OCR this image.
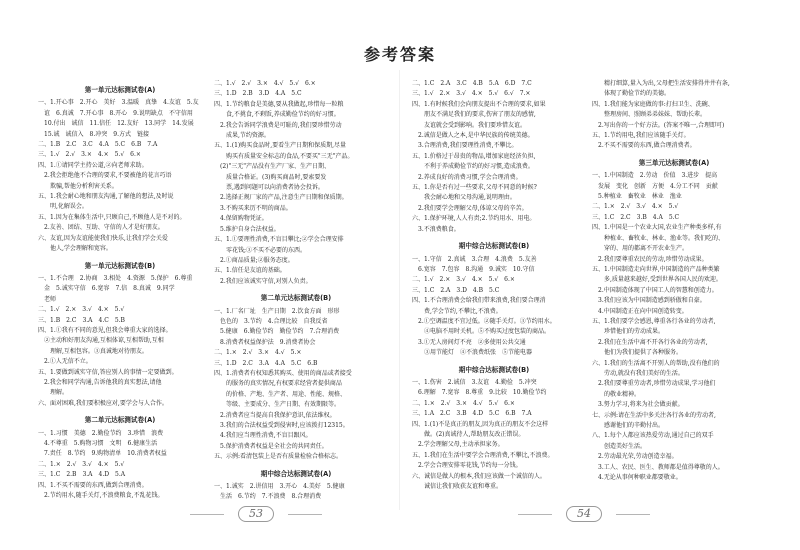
参考答案
第一单元达标测试卷(A)
一、1.开心事　2.开心　美好　3.温暖　真挚　4.友谊　5.友
　谊　6.真诚　7.开心事　8.开心　9.说明缺点　不守信用
　10.付出　诚信　11.信任　12.友好　13.同学　14.发展
　15.诚　诚信入　8.冲突　9.方式　链接
二、1.B　2.C　3.C　4.A　5.C　6.B　7.A
三、1.√　2.√　3.×　4.×　5.√　6.×
四、1.①请同学主持公道,②向老师求助。
　2.我会拒绝他不合理的要求,不要被他的花言巧语
　　欺骗,帮他分析利害关系。
五、1.我会耐心地和朋友沟通,了解他的想法,及时说
　　明,化解误会。
五、1.因为在集体生活中,只顾自己,不顾他人是不对的。
　2.友善、团结、互助、守信的人才是好朋友。
六、友谊,因为友谊能使我们快乐,让我们学会关爱
　　他人,学会理解和宽容。
第一单元达标测试卷(B)
一、1.不合理　2.协商　3.相处　4.资源　5.保护　6.尊重
　金　5.诚实守信　6.宽容　7.信　8.真诚　9.同学
　老师
二、1.√　2.×　3.√　4.×　5.√
三、1.B　2.C　3.A　4.C　5.B
四、1.①我有不同的意见,但我会尊重大家的选择。
　②主动和好朋友沟通,互相体谅,互相帮助,互相
　　理解,互相包容。③真诚地对待朋友。
　2.①人无信不立。
五、1.要做到诚实守信,答应别人的事情一定要做到。
　2.我会和同学沟通,告诉他我的真实想法,请他
　　理解。
六、面对困难,我们要积极应对,要学会与人合作。
第二单元达标测试卷(A)
一、1.习惯　美德　2.勤俭节约　3.珍惜　浪费
　4.不尊重　5.购物习惯　文明　6.健康生活
　7.责任　8.节约　9.购物清单　10.消费者权益
二、1.×　2.√　3.√　4.×　5.√
三、1.C　2.B　3.A　4.D　5.A
四、1.不买不需要的东西,做到合理消费。
　2.节约用水,随手关灯,不浪费粮食,不乱花钱。
二、1.√　2.√　3.×　4.√　5.√　6.×
三、1.D　2.B　3.D　4.A　5.C
四、1.节约粮食是美德,要从我做起,珍惜每一粒粮
　　食,不挑食,不剩饭,养成勤俭节约的好习惯。
　2.我会告诉同学浪费是可耻的,我们要珍惜劳动
　　成果,节约资源。
五、1.(1)购买食品时,要看生产日期和保质期,尽量
　　购买有质量安全标志的食品,不要买"三无"产品。
　(2)"三无"产品没有生产厂家、生产日期、
　　质量合格证。(3)购买商品时,要索要发
　　票,遇到问题可以向消费者协会投诉。
　2.选择正规厂家的产品,注意生产日期和保质期。
　3.不购买来历不明的商品。
　4.保留购物凭证。
　5.维护自身合法权益。
五、1.①要理性消费,不盲目攀比;②学会合理安排
　　零花钱;③不买不必要的东西。
　2.①商品质量;②服务态度。
五、1.信任是友谊的基础。
　2.我们应该诚实守信,对别人负责。
第二单元达标测试卷(B)
一、1.厂名厂址　生产日期　2.饮食方面　形形
　色色的　3.节约　4.合理比较　自我反省
　5.健康　6.勤俭节约　勤俭节约　7.合理消费
　8.消费者权益保护法　9.消费者协会
二、1.×　2.√　3.×　4.√　5.×
三、1.D　2.C　3.A　4.A　5.C　6.B
四、1.消费者有权知悉其购买、使用的商品或者接受
　　的服务的真实情况,有权要求经营者提供商品
　　的价格、产地、生产者、用途、性能、规格、
　　等级、主要成分、生产日期、有效期限等。
　2.消费者应当提高自我保护意识,依法维权。
　3.我们的合法权益受到侵害时,应该拨打12315。
　4.我们应当理性消费,不盲目跟风。
　5.保护消费者权益是全社会的共同责任。
五、示例:看清包装上是否有质量检验合格标志。
期中综合达标测试卷(A)
一、1.诚实　2.讲信用　3.开心　4.美好　5.健康
　生活　6.节约　7.不浪费　8.合理消费
二、1.C　2.A　3.C　4.B　5.A　6.D　7.C
三、1.√　2.×　3.√　4.×　5.√　6.√　7.×
四、1.有时候我们会向朋友提出不合理的要求,如果
　　朋友不满足我们的要求,伤害了朋友的感情,
　　友谊就会受到影响。我们要珍惜友谊。
　2.诚信是做人之本,是中华民族的传统美德。
　3.合理消费,我们要理性消费,不攀比。
五、1.价格过于昂贵的物品,增加家庭经济负担,
　　不利于养成勤俭节约的好习惯,造成浪费。
　2.养成良好的消费习惯,学会合理消费。
五、1.你是否有过一些要求,父母不同意的时候?
　　我会耐心地和父母沟通,说明理由。
　2.我们要学会理解父母,体谅父母的辛苦。
六、1.保护环境,人人有责;2.节约用水、用电。
　3.不浪费粮食。
期中综合达标测试卷(B)
一、1.守信　2.真诚　3.合理　4.浪费　5.友善
　6.宽容　7.包容　8.沟通　9.诚实　10.守信
二、1.√　2.×　3.√　4.×　5.√　6.×
三、1.C　2.A　3.D　4.B　5.C
四、1.不合理消费会给我们带来浪费,我们要合理消
　　费,学会节约,不攀比,不浪费。
　2.①空调温度不宜过低。②随手关灯。③节约用水。
　　④电脑不用时关机。⑤不购买过度包装的商品。
　3.①无人房间灯不亮　②多使用公共交通
　　③用节能灯　④不浪费纸张　⑤节能电器
期中综合达标测试卷(B)
一、1.伤害　2.诚信　3.友谊　4.勤俭　5.冲突
　6.理解　7.宽容　8.尊重　9.比较　10.勤俭节约
二、1.×　2.√　3.×　4.√　5.√　6.×
三、1.A　2.C　3.B　4.D　5.C　6.B　7.A
四、1.(1)不是真正的朋友,因为真正的朋友不会这样
　　做。(2)真诚待人,帮助朋友改正错误。
　2.学会理解父母,主动承担家务。
五、1.我们在生活中要学会合理消费,不攀比,不浪费。
　2.学会合理安排零花钱,节约每一分钱。
六、诚信是做人的根本,我们应该做一个诚信的人。
　　诚信让我们收获友谊和尊重。
　　精打细算,量入为出,父母把生活安排得井井有条,
　　体现了勤俭节约的美德。
四、1.我们能为家庭做的事:打扫卫生、洗碗、
　　整理房间、照顾弟弟妹妹、帮助长辈。
　2.写出你的一个好方法。(答案不唯一,合理即可)
五、1.节约用电,我们应该随手关灯。
　2.不买不需要的东西,做合理消费者。
第三单元达标测试卷(A)
一、1.中国制造　2.劳动　价值　3.进步　提高
　发展　变化　创新　方便　4.分工不同　贡献
　5.种植业　畜牧业　林业　渔业
二、1.×　2.√　3.√　4.×　5.√
三、1.C　2.C　3.B　4.A　5.C
四、1.中国是一个农业大国,农业生产种类多样,有
　　种植业、畜牧业、林业、渔业等。我们吃的、
　　穿的、用的都离不开农业生产。
　2.我们要尊重农民的劳动,珍惜劳动成果。
五、1.中国制造走向世界,中国制造的产品种类繁
　　多,质量越来越好,受到世界各国人民的欢迎。
　2.中国制造体现了中国工人的智慧和创造力。
　3.我们应该为中国制造感到骄傲和自豪。
　4.中国制造正在向中国创造转变。
五、1.我们要学会感恩,尊重各行各业的劳动者,
　　珍惜他们的劳动成果。
　2.我们在生活中离不开各行各业的劳动者,
　　他们为我们提供了各种服务。
六、1.我们的生活离不开别人的帮助,没有他们的
　　劳动,就没有我们美好的生活。
　2.我们要尊重劳动者,珍惜劳动成果,学习他们
　　的敬业精神。
　3.努力学习,将来为社会做贡献。
七、示例:请在生活中多关注各行各业的劳动者,
　　感谢他们的辛勤付出。
八、1.每个人都应该热爱劳动,通过自己的双手
　　创造美好生活。
　2.劳动最光荣,劳动创造幸福。
　3.工人、农民、医生、教师都是值得尊敬的人。
　4.无论从事何种职业都要敬业。
53	54
